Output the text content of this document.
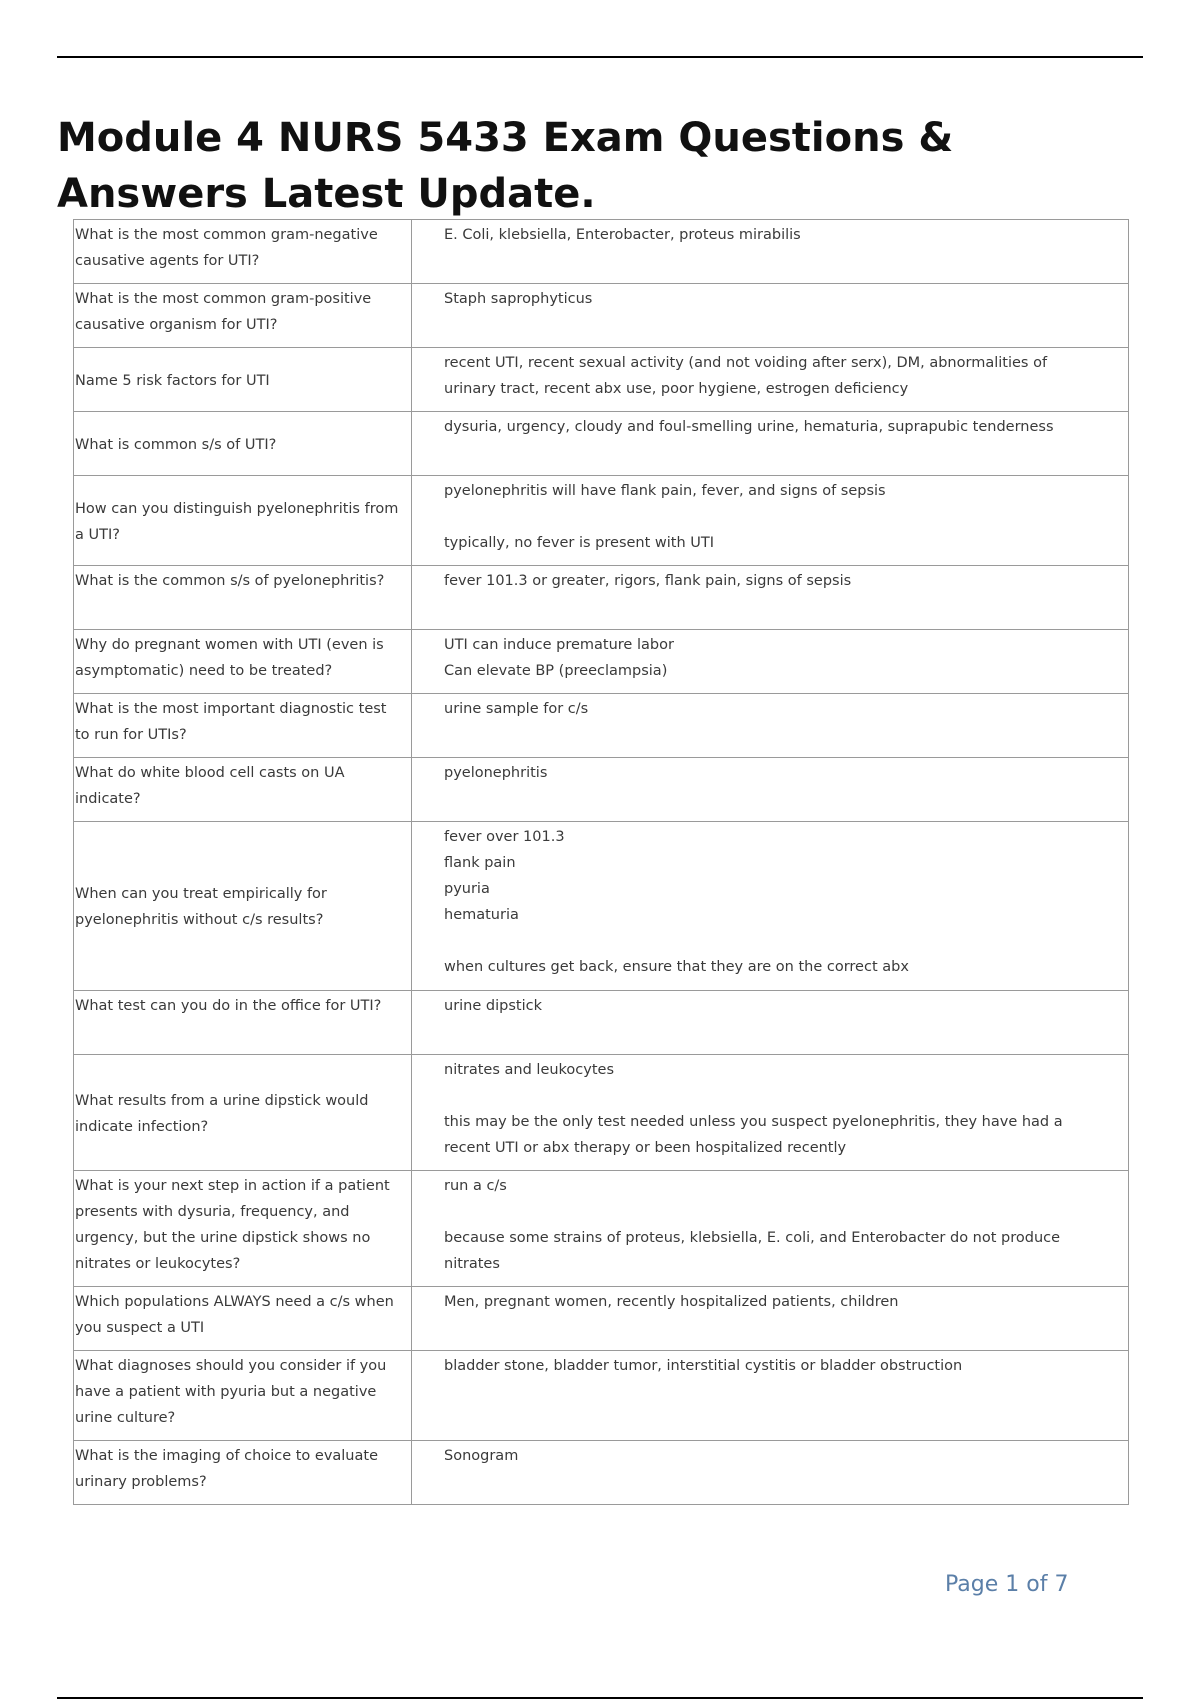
Module 4 NURS 5433 Exam Questions & Answers Latest Update.
What is the most common gram-negative causative agents for UTI?	E. Coli, klebsiella, Enterobacter, proteus mirabilis

What is the most common gram-positive causative organism for UTI?	Staph saprophyticus

Name 5 risk factors for UTI	recent UTI, recent sexual activity (and not voiding after serx), DM, abnormalities of urinary tract, recent abx use, poor hygiene, estrogen deficiency

What is common s/s of UTI?	dysuria, urgency, cloudy and foul-smelling urine, hematuria, suprapubic tenderness

How can you distinguish pyelonephritis from a UTI?	pyelonephritis will have flank pain, fever, and signs of sepsis
typically, no fever is present with UTI

What is the common s/s of pyelonephritis?	fever 101.3 or greater, rigors, flank pain, signs of sepsis

Why do pregnant women with UTI (even is asymptomatic) need to be treated?	UTI can induce premature labor
Can elevate BP (preeclampsia)

What is the most important diagnostic test to run for UTIs?	urine sample for c/s

What do white blood cell casts on UA indicate?	pyelonephritis

When can you treat empirically for pyelonephritis without c/s results?	fever over 101.3
flank pain
pyuria
hematuria
when cultures get back, ensure that they are on the correct abx

What test can you do in the office for UTI?	urine dipstick

What results from a urine dipstick would indicate infection?	nitrates and leukocytes
this may be the only test needed unless you suspect pyelonephritis, they have had a recent UTI or abx therapy or been hospitalized recently

What is your next step in action if a patient presents with dysuria, frequency, and urgency, but the urine dipstick shows no nitrates or leukocytes?	run a c/s
because some strains of proteus, klebsiella, E. coli, and Enterobacter do not produce nitrates

Which populations ALWAYS need a c/s when you suspect a UTI	Men, pregnant women, recently hospitalized patients, children

What diagnoses should you consider if you have a patient with pyuria but a negative urine culture?	bladder stone, bladder tumor, interstitial cystitis or bladder obstruction

What is the imaging of choice to evaluate urinary problems?	Sonogram
Page 1 of 7
